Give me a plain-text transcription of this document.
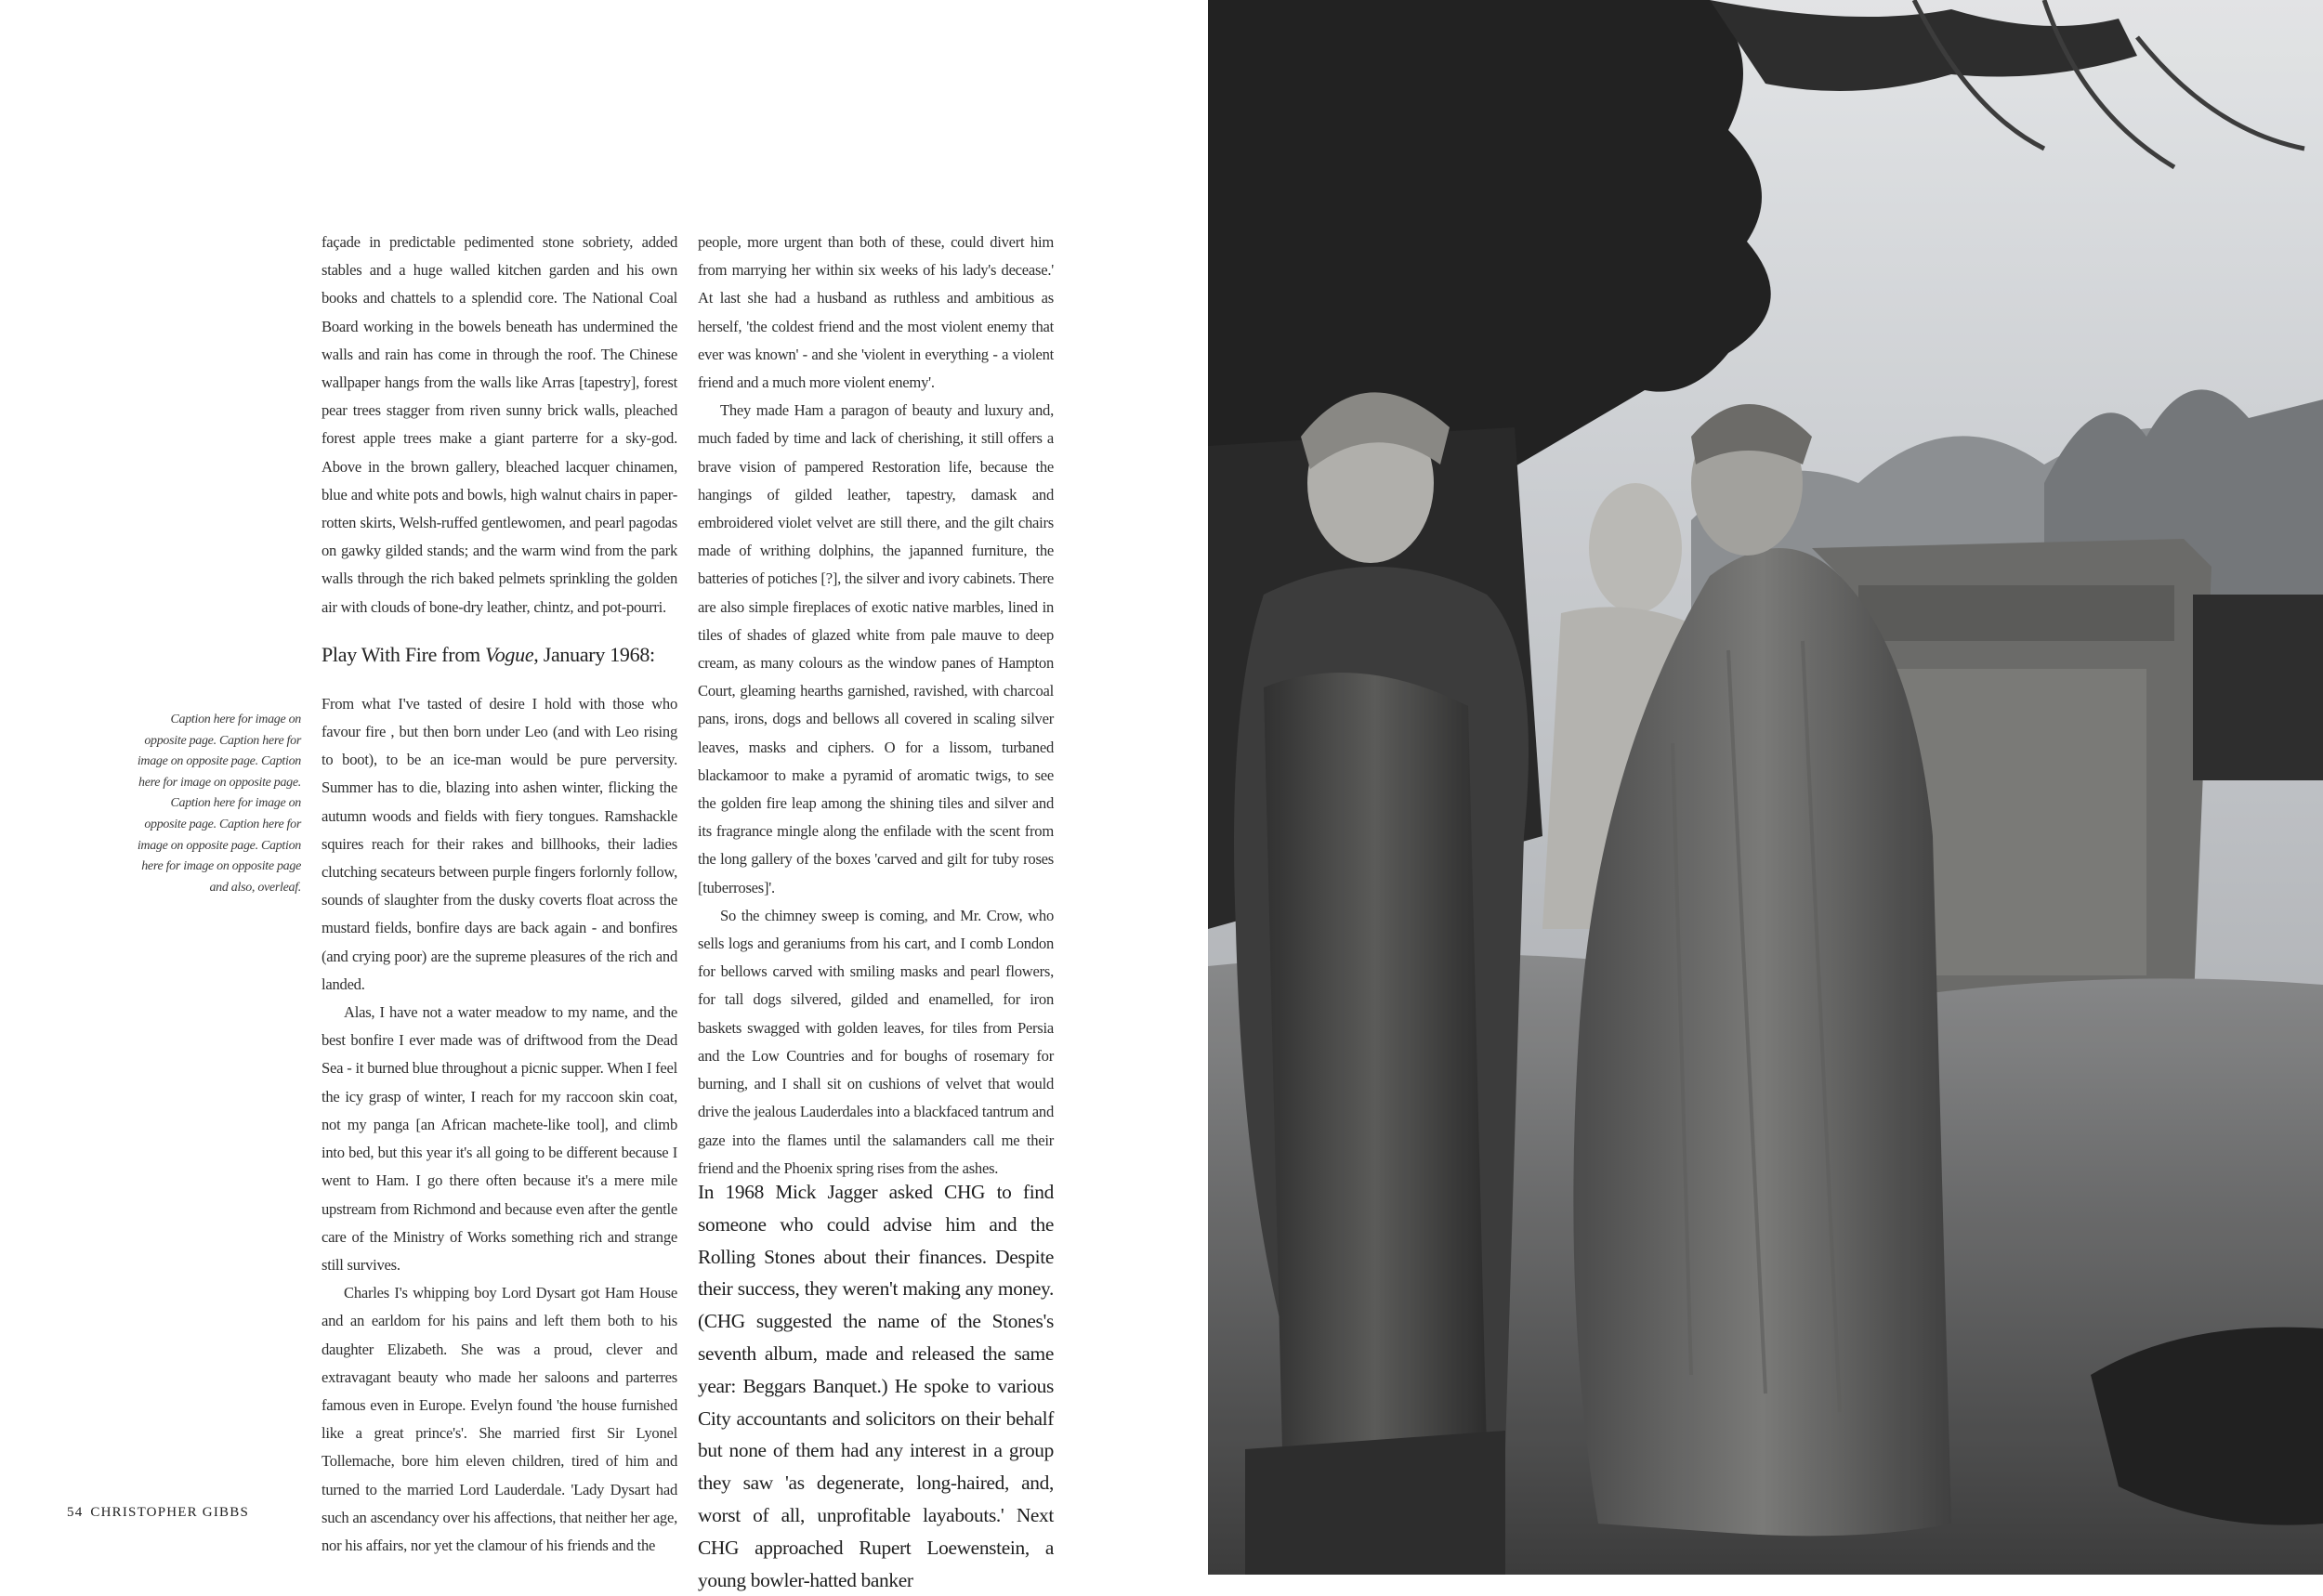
façade in predictable pedimented stone sobriety, added stables and a huge walled kitchen garden and his own books and chattels to a splendid core. The National Coal Board working in the bowels beneath has undermined the walls and rain has come in through the roof. The Chinese wallpaper hangs from the walls like Arras [tapestry], forest pear trees stagger from riven sunny brick walls, pleached forest apple trees make a giant parterre for a sky-god. Above in the brown gallery, bleached lacquer chinamen, blue and white pots and bowls, high walnut chairs in paper-rotten skirts, Welsh-ruffed gentlewomen, and pearl pagodas on gawky gilded stands; and the warm wind from the park walls through the rich baked pelmets sprinkling the golden air with clouds of bone-dry leather, chintz, and pot-pourri.

Play With Fire from Vogue, January 1968:

From what I've tasted of desire I hold with those who favour fire , but then born under Leo (and with Leo rising to boot), to be an ice-man would be pure perversity. Summer has to die, blazing into ashen winter, flicking the autumn woods and fields with fiery tongues. Ramshackle squires reach for their rakes and billhooks, their ladies clutching secateurs between purple fingers forlornly follow, sounds of slaughter from the dusky coverts float across the mustard fields, bonfire days are back again - and bonfires (and crying poor) are the supreme pleasures of the rich and landed.

Alas, I have not a water meadow to my name, and the best bonfire I ever made was of driftwood from the Dead Sea - it burned blue throughout a picnic supper. When I feel the icy grasp of winter, I reach for my raccoon skin coat, not my panga [an African machete-like tool], and climb into bed, but this year it's all going to be different because I went to Ham. I go there often because it's a mere mile upstream from Richmond and because even after the gentle care of the Ministry of Works something rich and strange still survives.

Charles I's whipping boy Lord Dysart got Ham House and an earldom for his pains and left them both to his daughter Elizabeth. She was a proud, clever and extravagant beauty who made her saloons and parterres famous even in Europe. Evelyn found 'the house furnished like a great prince's'. She married first Sir Lyonel Tollemache, bore him eleven children, tired of him and turned to the married Lord Lauderdale. 'Lady Dysart had such an ascendancy over his affections, that neither her age, nor his affairs, nor yet the clamour of his friends and the

people, more urgent than both of these, could divert him from marrying her within six weeks of his lady's decease.' At last she had a husband as ruthless and ambitious as herself, 'the coldest friend and the most violent enemy that ever was known' - and she 'violent in everything - a violent friend and a much more violent enemy'.

They made Ham a paragon of beauty and luxury and, much faded by time and lack of cherishing, it still offers a brave vision of pampered Restoration life, because the hangings of gilded leather, tapestry, damask and embroidered violet velvet are still there, and the gilt chairs made of writhing dolphins, the japanned furniture, the batteries of potiches [?], the silver and ivory cabinets. There are also simple fireplaces of exotic native marbles, lined in tiles of shades of glazed white from pale mauve to deep cream, as many colours as the window panes of Hampton Court, gleaming hearths garnished, ravished, with charcoal pans, irons, dogs and bellows all covered in scaling silver leaves, masks and ciphers. O for a lissom, turbaned blackamoor to make a pyramid of aromatic twigs, to see the golden fire leap among the shining tiles and silver and its fragrance mingle along the enfilade with the scent from the long gallery of the boxes 'carved and gilt for tuby roses [tuberroses]'.

So the chimney sweep is coming, and Mr. Crow, who sells logs and geraniums from his cart, and I comb London for bellows carved with smiling masks and pearl flowers, for tall dogs silvered, gilded and enamelled, for iron baskets swagged with golden leaves, for tiles from Persia and the Low Countries and for boughs of rosemary for burning, and I shall sit on cushions of velvet that would drive the jealous Lauderdales into a blackfaced tantrum and gaze into the flames until the salamanders call me their friend and the Phoenix spring rises from the ashes.

In 1968 Mick Jagger asked CHG to find someone who could advise him and the Rolling Stones about their finances. Despite their success, they weren't making any money. (CHG suggested the name of the Stones's seventh album, made and released the same year: Beggars Banquet.) He spoke to various City accountants and solicitors on their behalf but none of them had any interest in a group they saw 'as degenerate, long-haired, and, worst of all, unprofitable layabouts.' Next CHG approached Rupert Loewenstein, a young bowler-hatted banker
Caption here for image on opposite page. Caption here for image on opposite page. Caption here for image on opposite page. Caption here for image on opposite page. Caption here for image on opposite page. Caption here for image on opposite page and also, overleaf.
54 CHRISTOPHER GIBBS
